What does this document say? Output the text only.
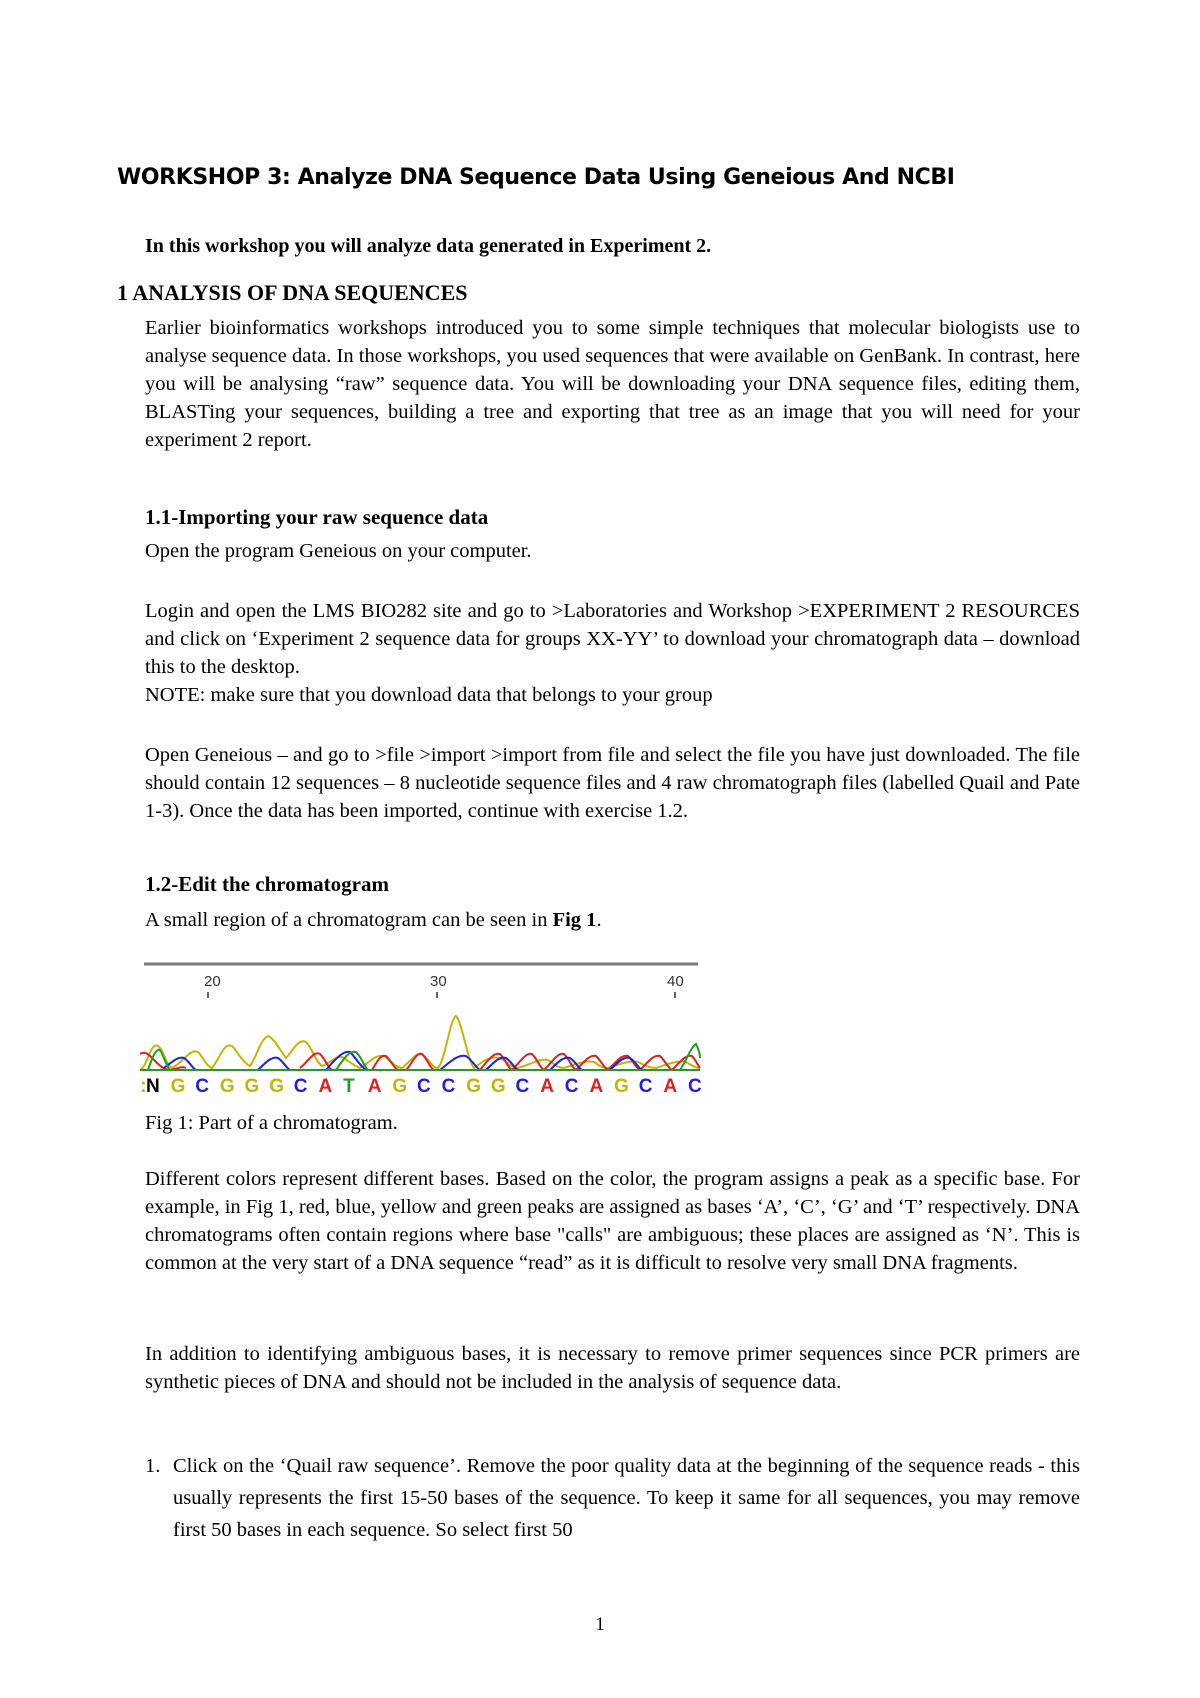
WORKSHOP 3: Analyze DNA Sequence Data Using Geneious And NCBI
In this workshop you will analyze data generated in Experiment 2.
1 ANALYSIS OF DNA SEQUENCES
Earlier bioinformatics workshops introduced you to some simple techniques that molecular biologists use to analyse sequence data. In those workshops, you used sequences that were available on GenBank. In contrast, here you will be analysing “raw” sequence data. You will be downloading your DNA sequence files, editing them, BLASTing your sequences, building a tree and exporting that tree as an image that you will need for your experiment 2 report.
1.1-Importing your raw sequence data
Open the program Geneious on your computer.
Login and open the LMS BIO282 site and go to >Laboratories and Workshop >EXPERIMENT 2 RESOURCES and click on ‘Experiment 2 sequence data for groups XX-YY’ to download your chromatograph data – download this to the desktop.
NOTE: make sure that you download data that belongs to your group
Open Geneious – and go to >file >import >import from file and select the file you have just downloaded. The file should contain 12 sequences – 8 nucleotide sequence files and 4 raw chromatograph files (labelled Quail and Pate 1-3). Once the data has been imported, continue with exercise 1.2.
1.2-Edit the chromatogram
A small region of a chromatogram can be seen in Fig 1.
20	30	40
: N G C G G G C A T A G C C G G C A C A G C A C
Fig 1: Part of a chromatogram.
Different colors represent different bases. Based on the color, the program assigns a peak as a specific base. For example, in Fig 1, red, blue, yellow and green peaks are assigned as bases ‘A’, ‘C’, ‘G’ and ‘T’ respectively. DNA chromatograms often contain regions where base "calls" are ambiguous; these places are assigned as ‘N’. This is common at the very start of a DNA sequence “read” as it is difficult to resolve very small DNA fragments.
In addition to identifying ambiguous bases, it is necessary to remove primer sequences since PCR primers are synthetic pieces of DNA and should not be included in the analysis of sequence data.
1. Click on the ‘Quail raw sequence’. Remove the poor quality data at the beginning of the sequence reads - this usually represents the first 15-50 bases of the sequence. To keep it same for all sequences, you may remove first 50 bases in each sequence. So select first 50
1
